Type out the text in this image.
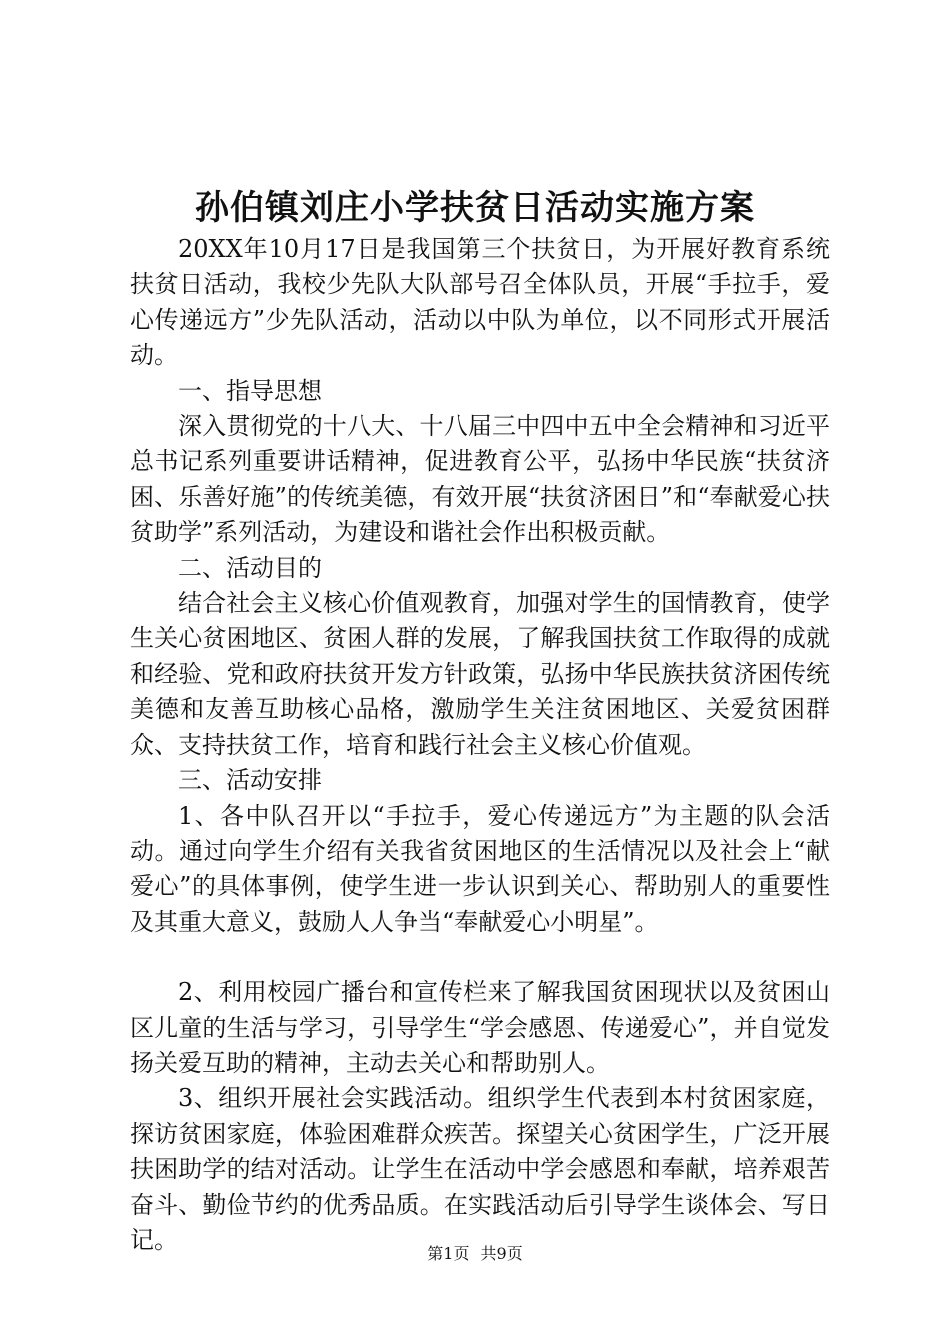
孙伯镇刘庄小学扶贫日活动实施方案

20XX年10月17日是我国第三个扶贫日，为开展好教育系统扶贫日活动，我校少先队大队部号召全体队员，开展“手拉手，爱心传递远方”少先队活动，活动以中队为单位，以不同形式开展活动。

一、指导思想

深入贯彻党的十八大、十八届三中四中五中全会精神和习近平总书记系列重要讲话精神，促进教育公平，弘扬中华民族“扶贫济困、乐善好施”的传统美德，有效开展“扶贫济困日”和“奉献爱心扶贫助学”系列活动，为建设和谐社会作出积极贡献。

二、活动目的

结合社会主义核心价值观教育，加强对学生的国情教育，使学生关心贫困地区、贫困人群的发展，了解我国扶贫工作取得的成就和经验、党和政府扶贫开发方针政策，弘扬中华民族扶贫济困传统美德和友善互助核心品格，激励学生关注贫困地区、关爱贫困群众、支持扶贫工作，培育和践行社会主义核心价值观。

三、活动安排

1、各中队召开以“手拉手，爱心传递远方”为主题的队会活动。通过向学生介绍有关我省贫困地区的生活情况以及社会上“献爱心”的具体事例，使学生进一步认识到关心、帮助别人的重要性及其重大意义，鼓励人人争当“奉献爱心小明星”。

2、利用校园广播台和宣传栏来了解我国贫困现状以及贫困山区儿童的生活与学习，引导学生“学会感恩、传递爱心”，并自觉发扬关爱互助的精神，主动去关心和帮助别人。

3、组织开展社会实践活动。组织学生代表到本村贫困家庭，探访贫困家庭，体验困难群众疾苦。探望关心贫困学生，广泛开展扶困助学的结对活动。让学生在活动中学会感恩和奉献，培养艰苦奋斗、勤俭节约的优秀品质。在实践活动后引导学生谈体会、写日记。	第1页 共9页
